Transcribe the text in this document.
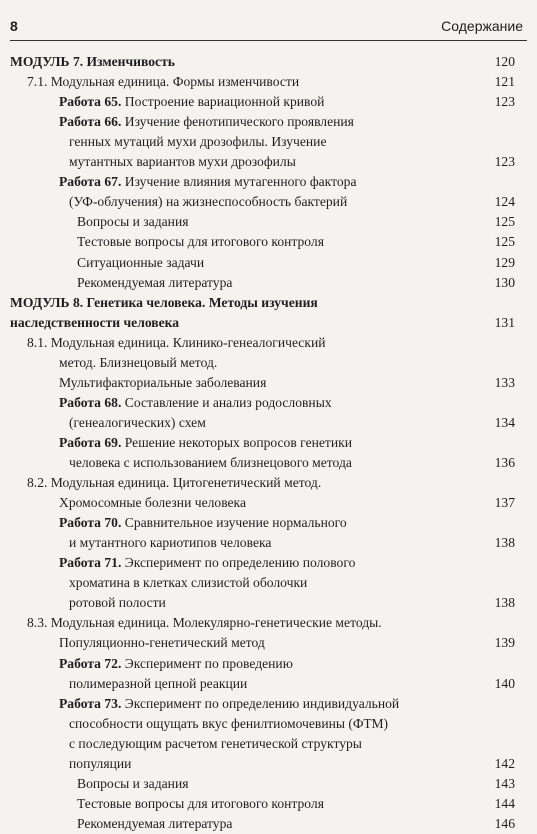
8	Содержание
МОДУЛЬ 7. Изменчивость	120
7.1. Модульная единица. Формы изменчивости	121
Работа 65. Построение вариационной кривой	123
Работа 66. Изучение фенотипического проявления
генных мутаций мухи дрозофилы. Изучение
мутантных вариантов мухи дрозофилы	123
Работа 67. Изучение влияния мутагенного фактора
(УФ-облучения) на жизнеспособность бактерий	124
Вопросы и задания	125
Тестовые вопросы для итогового контроля	125
Ситуационные задачи	129
Рекомендуемая литература	130
МОДУЛЬ 8. Генетика человека. Методы изучения
наследственности человека	131
8.1. Модульная единица. Клинико-генеалогический
метод. Близнецовый метод.
Мультифакториальные заболевания	133
Работа 68. Составление и анализ родословных
(генеалогических) схем	134
Работа 69. Решение некоторых вопросов генетики
человека с использованием близнецового метода	136
8.2. Модульная единица. Цитогенетический метод.
Хромосомные болезни человека	137
Работа 70. Сравнительное изучение нормального
и мутантного кариотипов человека	138
Работа 71. Эксперимент по определению полового
хроматина в клетках слизистой оболочки
ротовой полости	138
8.3. Модульная единица. Молекулярно-генетические методы.
Популяционно-генетический метод	139
Работа 72. Эксперимент по проведению
полимеразной цепной реакции	140
Работа 73. Эксперимент по определению индивидуальной
способности ощущать вкус фенилтиомочевины (ФТМ)
с последующим расчетом генетической структуры
популяции	142
Вопросы и задания	143
Тестовые вопросы для итогового контроля	144
Рекомендуемая литература	146
